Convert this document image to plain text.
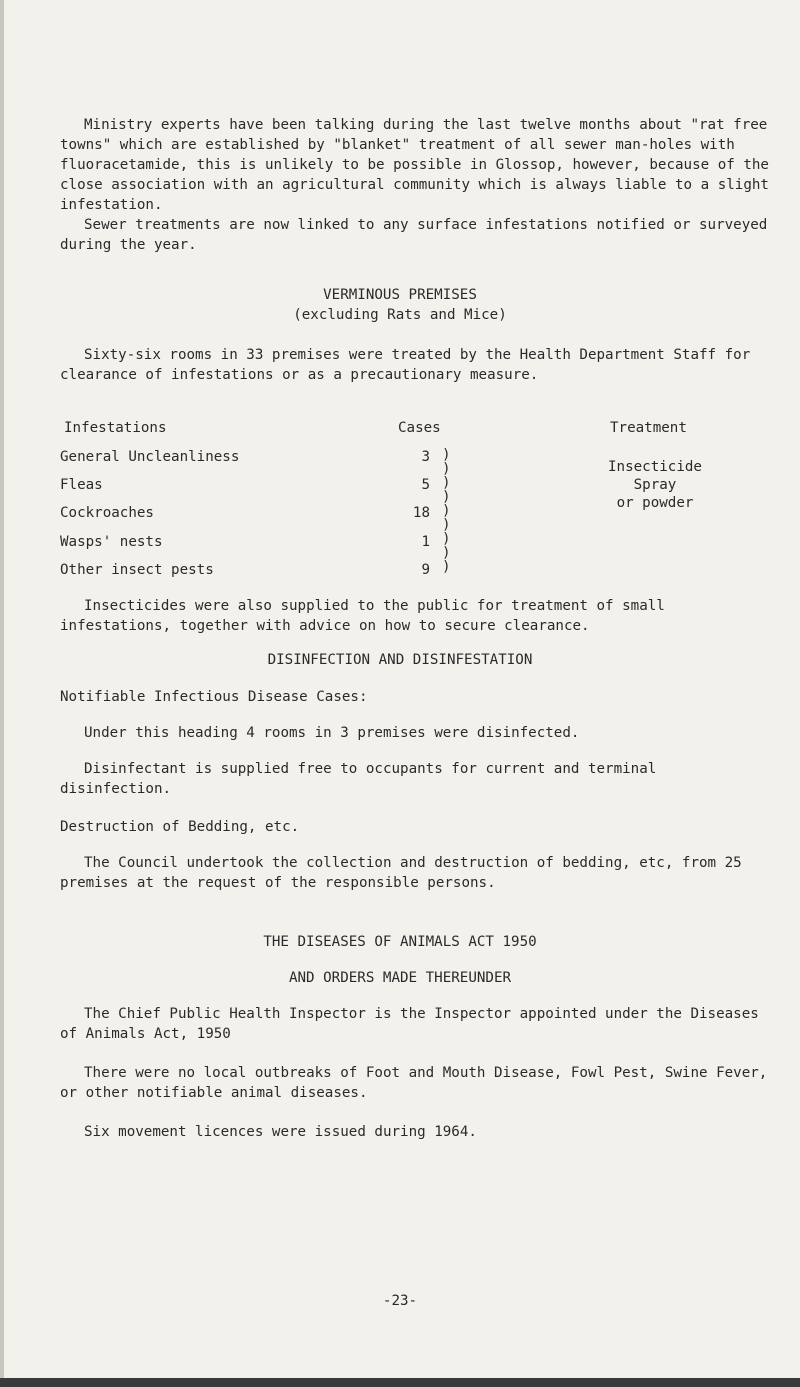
Ministry experts have been talking during the last twelve months about "rat free towns" which are established by "blanket" treatment of all sewer man-holes with fluoracetamide, this is unlikely to be possible in Glossop, however, because of the close association with an agricultural community which is always liable to a slight infestation.

Sewer treatments are now linked to any surface infestations notified or surveyed during the year.

VERMINOUS PREMISES

(excluding Rats and Mice)

Sixty-six rooms in 33 premises were treated by the Health Department Staff for clearance of infestations or as a precautionary measure.

Infestations	Cases	Treatment
General Uncleanliness	3
Fleas	5
Cockroaches	18
Wasps' nests	1
Other insect pests	9
)
)
)
)
)
)
)
)
)
Insecticide
Spray
or powder

Insecticides were also supplied to the public for treatment of small infestations, together with advice on how to secure clearance.

DISINFECTION AND DISINFESTATION

Notifiable Infectious Disease Cases:

Under this heading 4 rooms in 3 premises were disinfected.

Disinfectant is supplied free to occupants for current and terminal disinfection.

Destruction of Bedding, etc.

The Council undertook the collection and destruction of bedding, etc, from 25 premises at the request of the responsible persons.

THE DISEASES OF ANIMALS ACT 1950

AND ORDERS MADE THEREUNDER

The Chief Public Health Inspector is the Inspector appointed under the Diseases of Animals Act, 1950

There were no local outbreaks of Foot and Mouth Disease, Fowl Pest, Swine Fever, or other notifiable animal diseases.

Six movement licences were issued during 1964.

-23-
